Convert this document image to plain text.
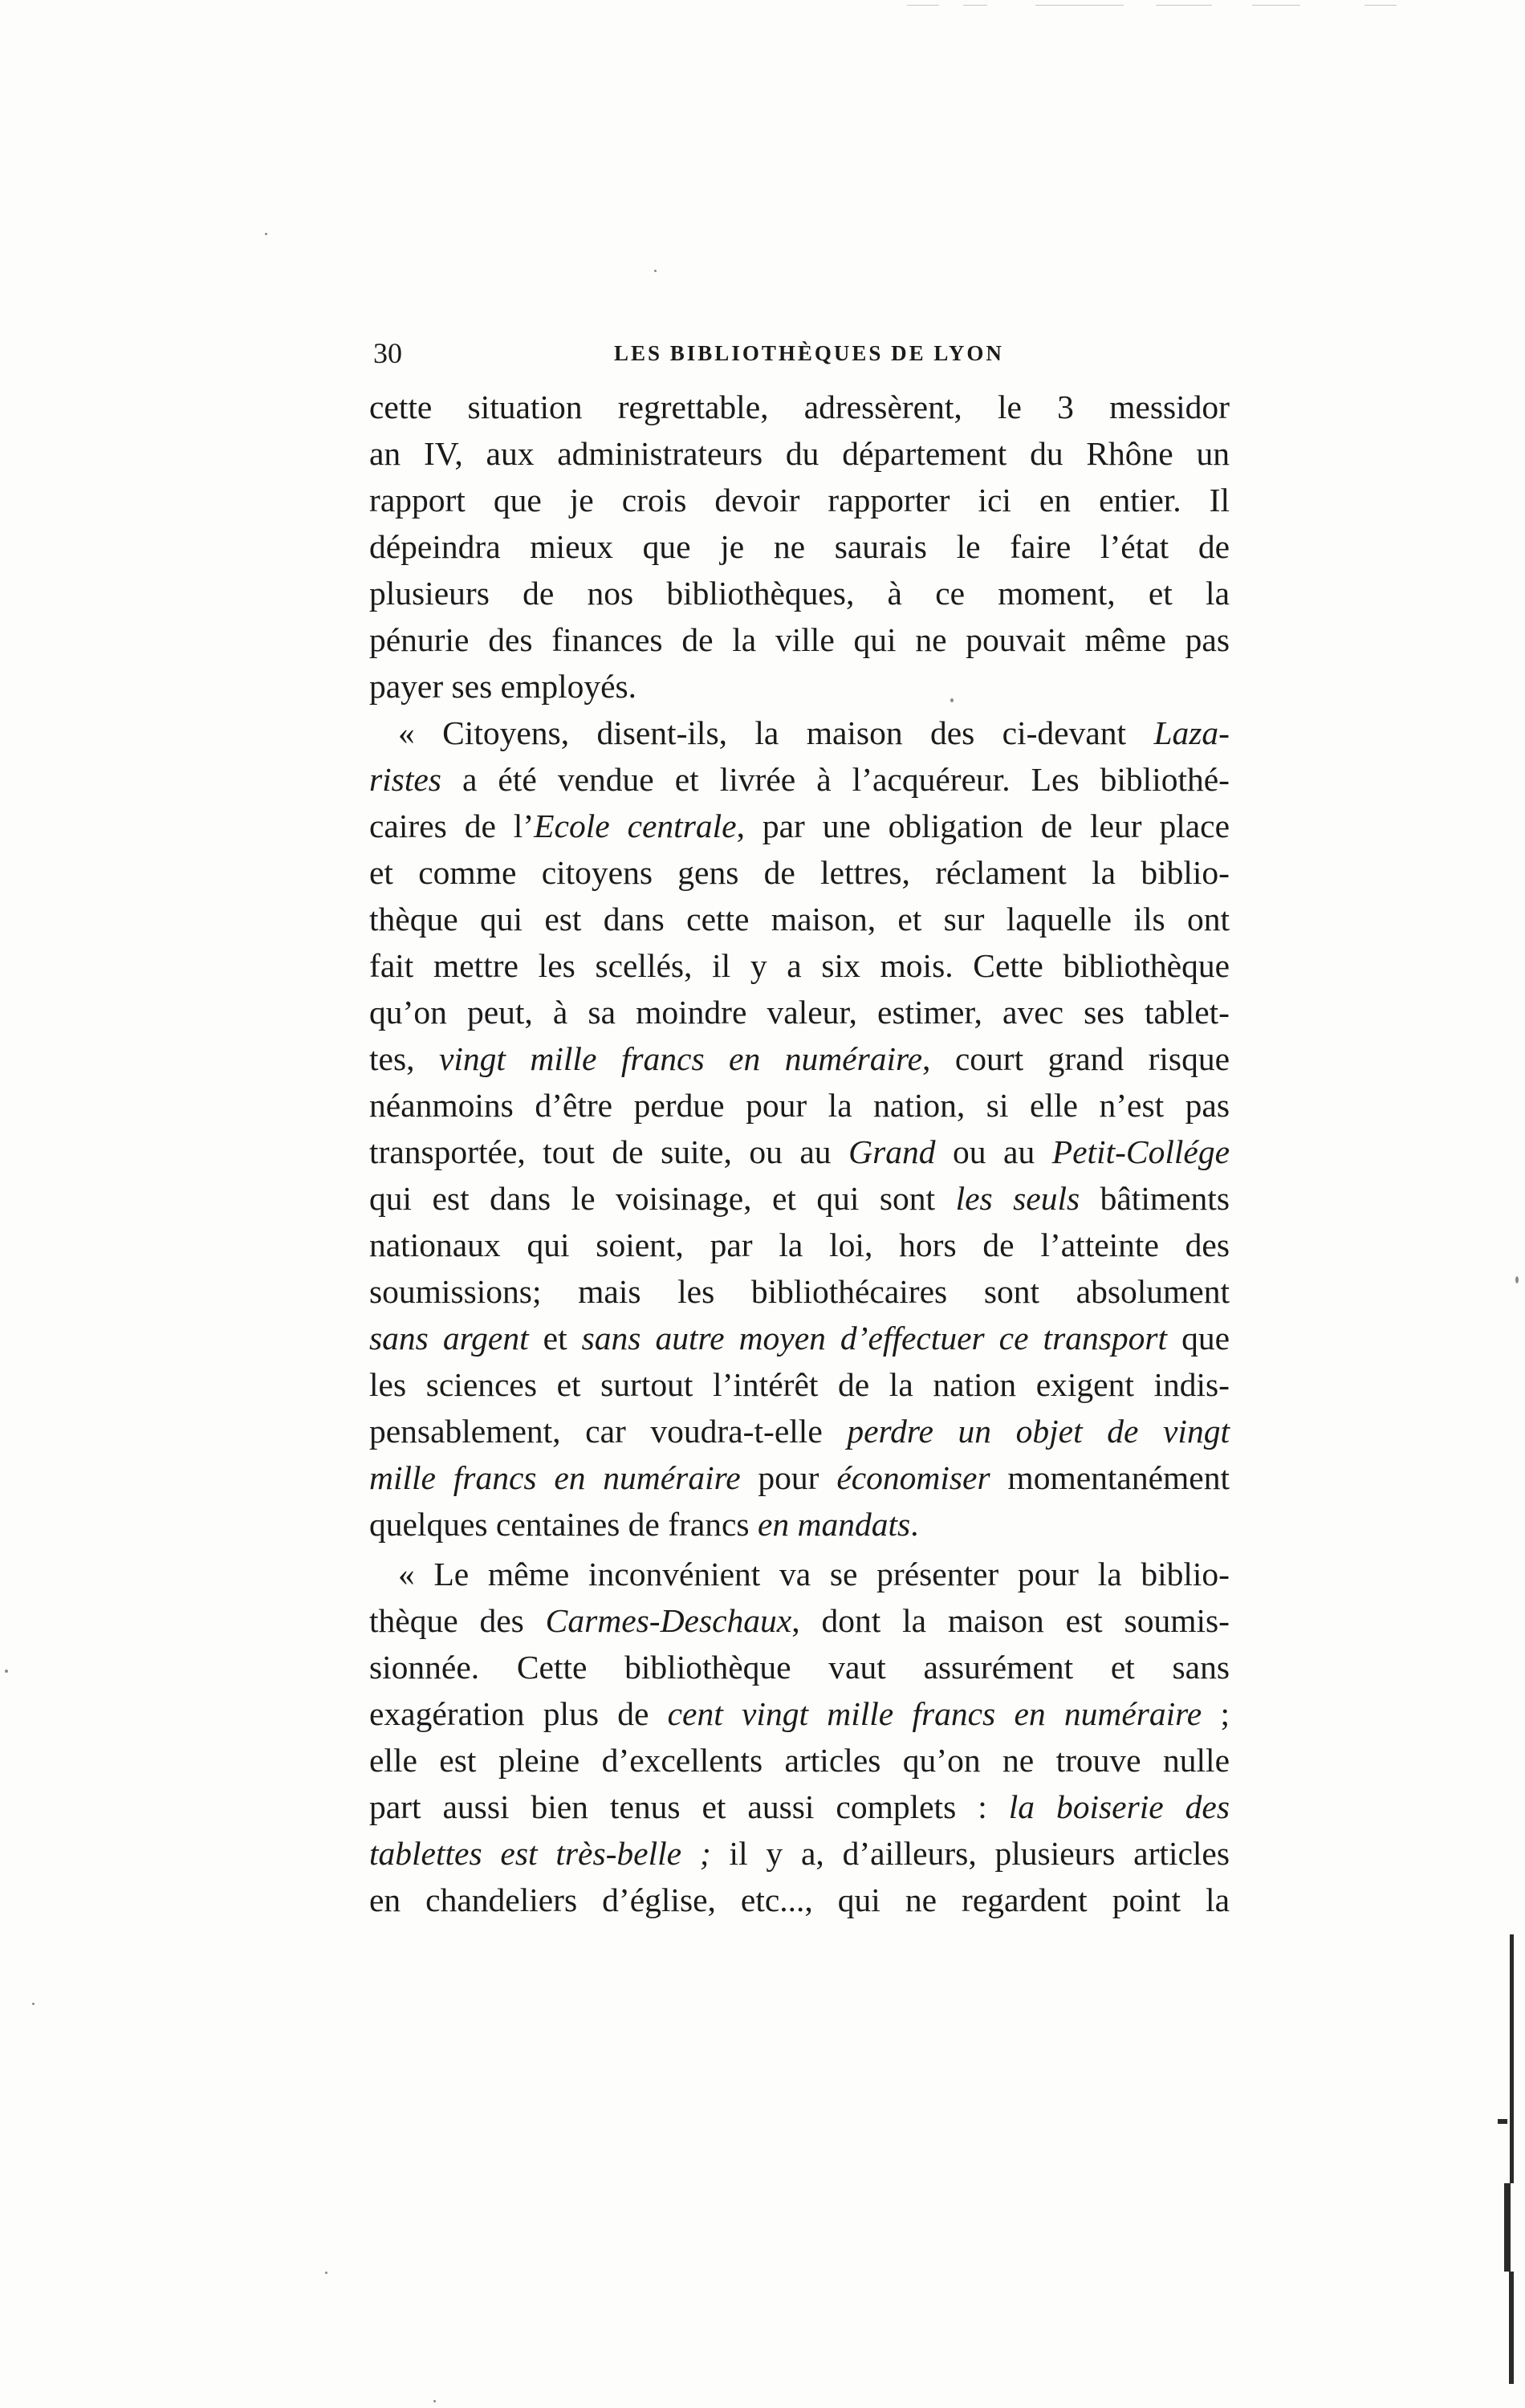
30	LES BIBLIOTHÈQUES DE LYON
cette situation regrettable, adressèrent, le 3 messidor
an IV, aux administrateurs du département du Rhône un
rapport que je crois devoir rapporter ici en entier. Il
dépeindra mieux que je ne saurais le faire l’état de
plusieurs de nos bibliothèques, à ce moment, et la
pénurie des finances de la ville qui ne pouvait même pas
payer ses employés.
« Citoyens, disent-ils, la maison des ci-devant Laza-
ristes a été vendue et livrée à l’acquéreur. Les bibliothé-
caires de l’Ecole centrale, par une obligation de leur place
et comme citoyens gens de lettres, réclament la biblio-
thèque qui est dans cette maison, et sur laquelle ils ont
fait mettre les scellés, il y a six mois. Cette bibliothèque
qu’on peut, à sa moindre valeur, estimer, avec ses tablet-
tes, vingt mille francs en numéraire, court grand risque
néanmoins d’être perdue pour la nation, si elle n’est pas
transportée, tout de suite, ou au Grand ou au Petit-Collége
qui est dans le voisinage, et qui sont les seuls bâtiments
nationaux qui soient, par la loi, hors de l’atteinte des
soumissions; mais les bibliothécaires sont absolument
sans argent et sans autre moyen d’effectuer ce transport que
les sciences et surtout l’intérêt de la nation exigent indis-
pensablement, car voudra-t-elle perdre un objet de vingt
mille francs en numéraire pour économiser momentanément
quelques centaines de francs en mandats.
« Le même inconvénient va se présenter pour la biblio-
thèque des Carmes-Deschaux, dont la maison est soumis-
sionnée. Cette bibliothèque vaut assurément et sans
exagération plus de cent vingt mille francs en numéraire ;
elle est pleine d’excellents articles qu’on ne trouve nulle
part aussi bien tenus et aussi complets : la boiserie des
tablettes est très-belle ; il y a, d’ailleurs, plusieurs articles
en chandeliers d’église, etc..., qui ne regardent point la
